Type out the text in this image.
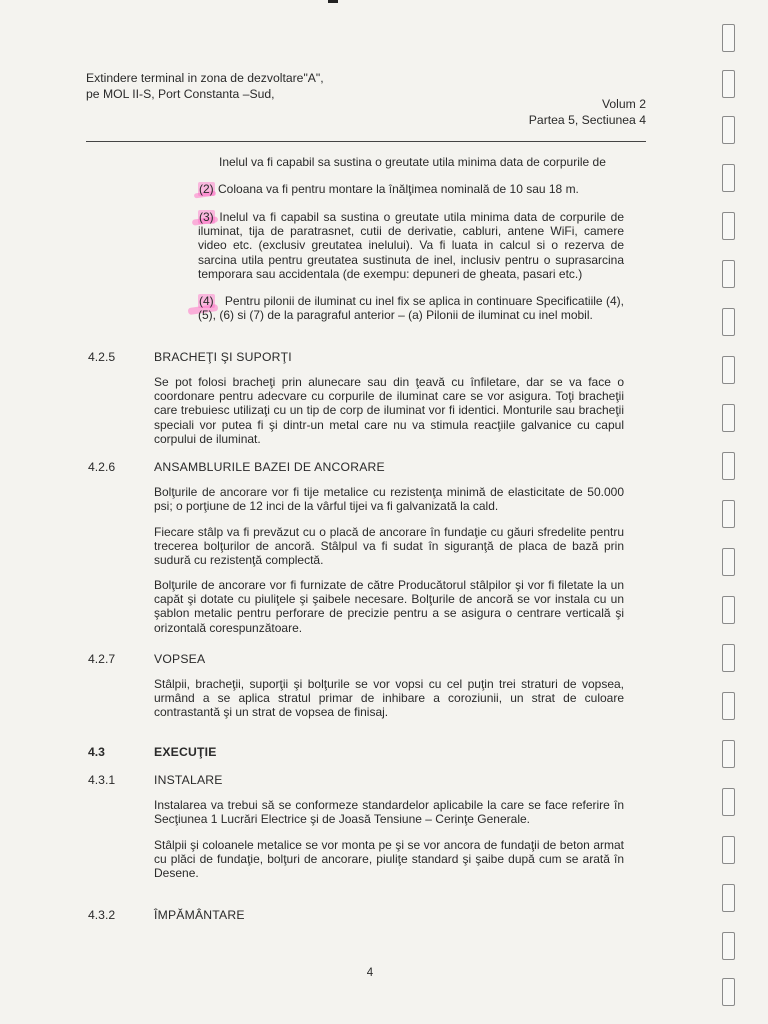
Extindere terminal in zona de dezvoltare"A",
pe MOL II-S, Port Constanta –Sud,
Volum 2
Partea 5, Sectiunea 4
Inelul va fi capabil sa sustina o greutate utila minima data de corpurile de
(2) Coloana va fi pentru montare la înălţimea nominală de 10 sau 18 m.
(3) Inelul va fi capabil sa sustina o greutate utila minima data de corpurile de iluminat, tija de paratrasnet, cutii de derivatie, cabluri, antene WiFi, camere video etc. (exclusiv greutatea inelului). Va fi luata in calcul si o rezerva de sarcina utila pentru greutatea sustinuta de inel, inclusiv pentru o suprasarcina temporara sau accidentala (de exempu: depuneri de gheata, pasari etc.)
(4) Pentru pilonii de iluminat cu inel fix se aplica in continuare Specificatiile (4), (5), (6) si (7) de la paragraful anterior – (a) Pilonii de iluminat cu inel mobil.
4.2.5	BRACHEŢI ŞI SUPORŢI
Se pot folosi bracheţi prin alunecare sau din ţeavă cu înfiletare, dar se va face o coordonare pentru adecvare cu corpurile de iluminat care se vor asigura. Toţi bracheţii care trebuiesc utilizaţi cu un tip de corp de iluminat vor fi identici. Monturile sau bracheţii speciali vor putea fi şi dintr-un metal care nu va stimula reacţiile galvanice cu capul corpului de iluminat.
4.2.6	ANSAMBLURILE BAZEI DE ANCORARE
Bolţurile de ancorare vor fi tije metalice cu rezistenţa minimă de elasticitate de 50.000 psi; o porţiune de 12 inci de la vârful tijei va fi galvanizată la cald.
Fiecare stâlp va fi prevăzut cu o placă de ancorare în fundaţie cu găuri sfredelite pentru trecerea bolţurilor de ancoră. Stâlpul va fi sudat în siguranţă de placa de bază prin sudură cu rezistenţă complectă.
Bolţurile de ancorare vor fi furnizate de către Producătorul stâlpilor şi vor fi filetate la un capăt şi dotate cu piuliţele şi şaibele necesare. Bolţurile de ancoră se vor instala cu un şablon metalic pentru perforare de precizie pentru a se asigura o centrare verticală şi orizontală corespunzătoare.
4.2.7	VOPSEA
Stâlpii, bracheţii, suporţii şi bolţurile se vor vopsi cu cel puţin trei straturi de vopsea, urmând a se aplica stratul primar de inhibare a coroziunii, un strat de culoare contrastantă şi un strat de vopsea de finisaj.
4.3	EXECUŢIE
4.3.1	INSTALARE
Instalarea va trebui să se conformeze standardelor aplicabile la care se face referire în Secţiunea 1 Lucrări Electrice şi de Joasă Tensiune – Cerinţe Generale.
Stâlpii şi coloanele metalice se vor monta pe şi se vor ancora de fundaţii de beton armat cu plăci de fundaţie, bolţuri de ancorare, piuliţe standard şi şaibe după cum se arată în Desene.
4.3.2	ÎMPĂMÂNTARE
4
